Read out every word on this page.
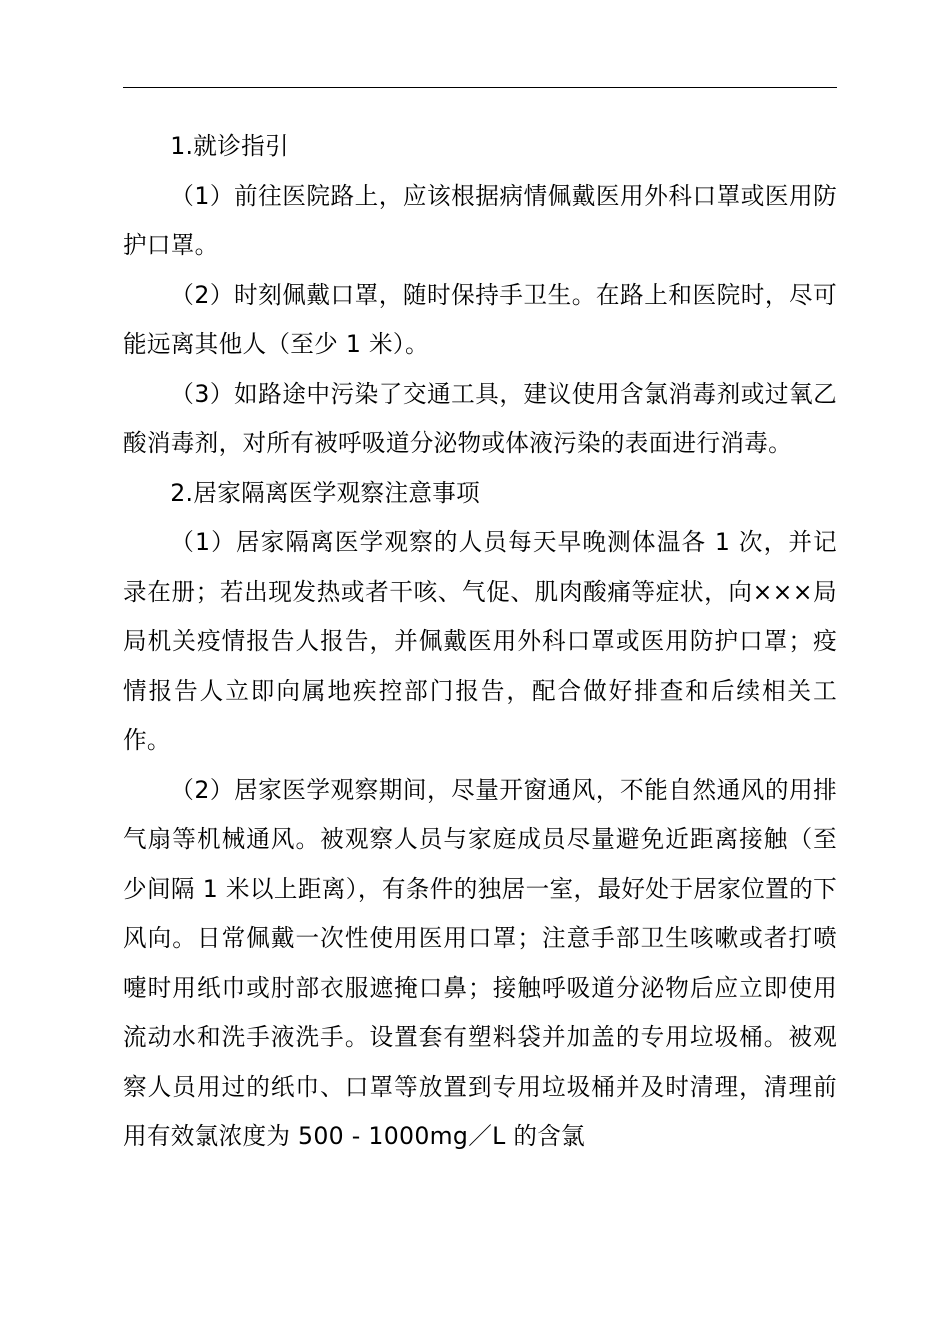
1.就诊指引

（1）前往医院路上，应该根据病情佩戴医用外科口罩或医用防护口罩。

（2）时刻佩戴口罩，随时保持手卫生。在路上和医院时，尽可能远离其他人（至少 1 米）。

（3）如路途中污染了交通工具，建议使用含氯消毒剂或过氧乙酸消毒剂，对所有被呼吸道分泌物或体液污染的表面进行消毒。

2.居家隔离医学观察注意事项

（1）居家隔离医学观察的人员每天早晚测体温各 1 次，并记录在册；若出现发热或者干咳、气促、肌肉酸痛等症状，向×××局局机关疫情报告人报告，并佩戴医用外科口罩或医用防护口罩；疫情报告人立即向属地疾控部门报告，配合做好排查和后续相关工作。

（2）居家医学观察期间，尽量开窗通风，不能自然通风的用排气扇等机械通风。被观察人员与家庭成员尽量避免近距离接触（至少间隔 1 米以上距离），有条件的独居一室，最好处于居家位置的下风向。日常佩戴一次性使用医用口罩；注意手部卫生咳嗽或者打喷嚏时用纸巾或肘部衣服遮掩口鼻；接触呼吸道分泌物后应立即使用流动水和洗手液洗手。设置套有塑料袋并加盖的专用垃圾桶。被观察人员用过的纸巾、口罩等放置到专用垃圾桶并及时清理，清理前用有效氯浓度为 500 - 1000mg／L 的含氯
